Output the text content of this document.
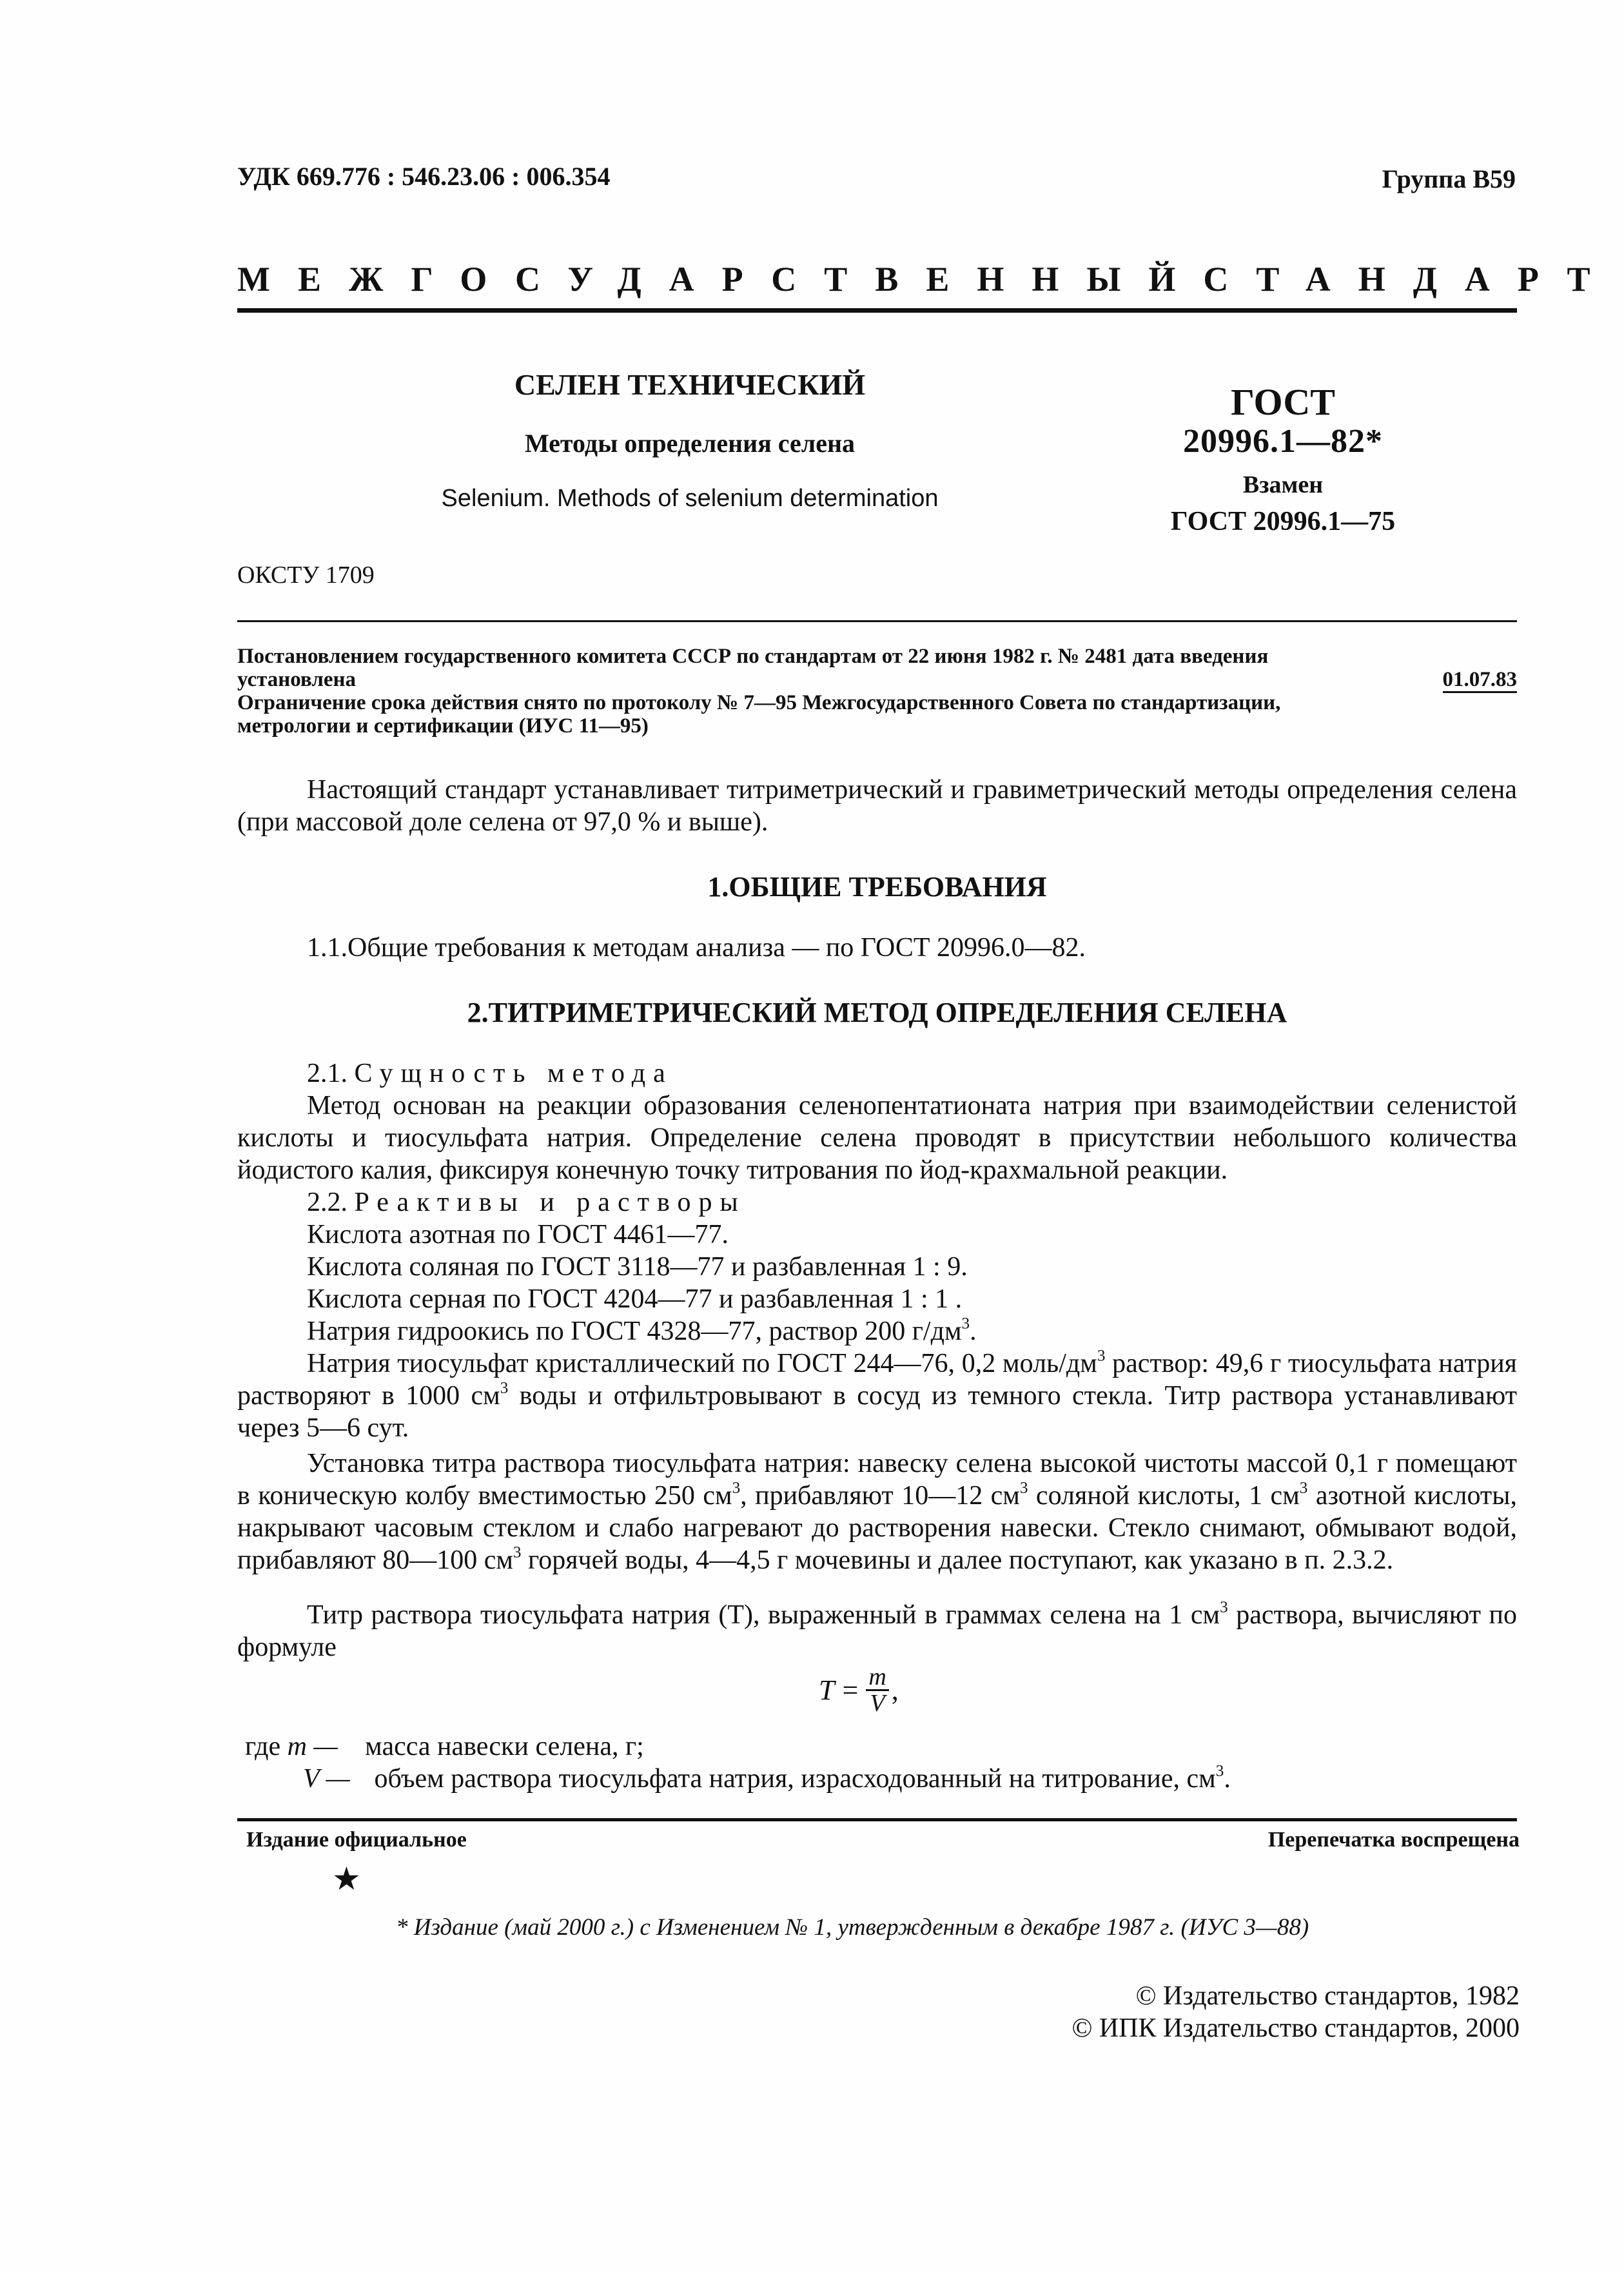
УДК 669.776 : 546.23.06 : 006.354	Группа В59
МЕЖГОСУДАРСТВЕННЫЙ СТАНДАРТ
СЕЛЕН ТЕХНИЧЕСКИЙ
Методы определения селена
Selenium. Methods of selenium determination
ГОСТ
20996.1—82*
Взамен
ГОСТ 20996.1—75
ОКСТУ 1709
Постановлением государственного комитета СССР по стандартам от 22 июня 1982 г. № 2481 дата введения
установлена	01.07.83
Ограничение срока действия снято по протоколу № 7—95 Межгосударственного Совета по стандартизации,
метрологии и сертификации (ИУС 11—95)
Настоящий стандарт устанавливает титриметрический и гравиметрический методы определения селена (при массовой доле селена от 97,0 % и выше).
1.ОБЩИЕ ТРЕБОВАНИЯ
1.1.Общие требования к методам анализа — по ГОСТ 20996.0—82.
2.ТИТРИМЕТРИЧЕСКИЙ МЕТОД ОПРЕДЕЛЕНИЯ СЕЛЕНА
2.1. Сущность метода
Метод основан на реакции образования селенопентатионата натрия при взаимодействии селенистой кислоты и тиосульфата натрия. Определение селена проводят в присутствии небольшого количества йодистого калия, фиксируя конечную точку титрования по йод-крахмальной реакции.
2.2. Реактивы и растворы
Кислота азотная по ГОСТ 4461—77.
Кислота соляная по ГОСТ 3118—77 и разбавленная 1 : 9.
Кислота серная по ГОСТ 4204—77 и разбавленная 1 : 1 .
Натрия гидроокись по ГОСТ 4328—77, раствор 200 $г/дм^3$.
Натрия тиосульфат кристаллический по ГОСТ 244—76, 0,2 моль/$дм^3$ раствор: 49,6 г тиосульфата натрия растворяют в 1000 $см^3$ воды и отфильтровывают в сосуд из темного стекла. Титр раствора устанавливают через 5—6 сут.
Установка титра раствора тиосульфата натрия: навеску селена высокой чистоты массой 0,1 г помещают в коническую колбу вместимостью 250 $см^3$, прибавляют 10—12 $см^3$ соляной кислоты, 1 $см^3$ азотной кислоты, накрывают часовым стеклом и слабо нагревают до растворения навески. Стекло снимают, обмывают водой, прибавляют 80—100 $см^3$ горячей воды, 4—4,5 г мочевины и далее поступают, как указано в п. 2.3.2.
Титр раствора тиосульфата натрия (Т), выраженный в граммах селена на 1 $см^3$ раствора, вычисляют по формуле
$T = \frac{m}{V}$ ,
где m — масса навески селена, г;
V — объем раствора тиосульфата натрия, израсходованный на титрование, $см^3$.
Издание официальное	Перепечатка воспрещена
★
* Издание (май 2000 г.) с Изменением № 1, утвержденным в декабре 1987 г. (ИУС 3—88)
© Издательство стандартов, 1982
© ИПК Издательство стандартов, 2000
